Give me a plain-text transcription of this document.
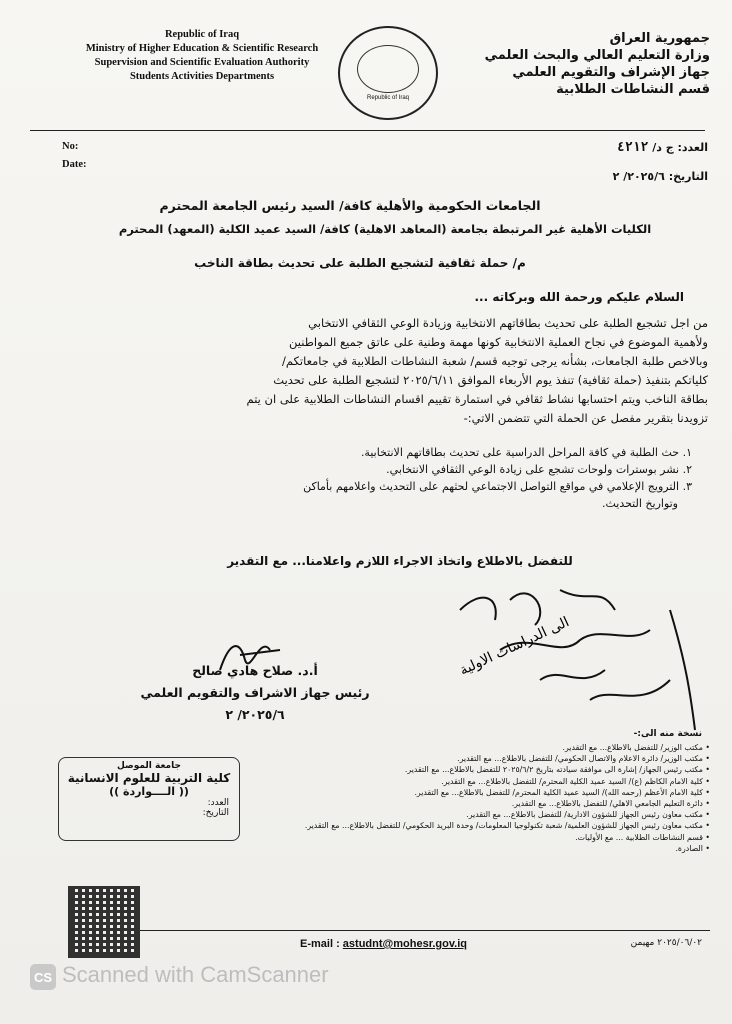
Republic of Iraq
Ministry of Higher Education & Scientific Research
Supervision and Scientific Evaluation Authority
Students Activities Departments
Republic of Iraq
جمهورية العراق
وزارة التعليم العالي والبحث العلمي
جهاز الإشراف والتقويم العلمي
قسم النشاطات الطلابية
No:
Date:
العدد: ج د/ ٤٢١٢
التاريخ: ٢٠٢٥/٦/ ٢
الجامعات الحكومية والأهلية كافة/ السيد رئيس الجامعة المحترم
الكليات الأهلية غير المرتبطة بجامعة (المعاهد الاهلية) كافة/ السيد عميد الكلية (المعهد) المحترم
م/ حملة ثقافية لتشجيع الطلبة على تحديث بطاقة الناخب
السلام عليكم ورحمة الله وبركاته ...
من اجل تشجيع الطلبة على تحديث بطاقاتهم الانتخابية وزيادة الوعي الثقافي الانتخابي
ولأهمية الموضوع في نجاح العملية الانتخابية كونها مهمة وطنية على عاتق جميع المواطنين
وبالاخص طلبة الجامعات، بشأنه يرجى توجيه قسم/ شعبة النشاطات الطلابية في جامعاتكم/
كلياتكم بتنفيذ (حملة ثقافية) تنفذ يوم الأربعاء الموافق ٢٠٢٥/٦/١١ لتشجيع الطلبة على تحديث
بطاقة الناخب ويتم احتسابها نشاط ثقافي في استمارة تقييم اقسام النشاطات الطلابية على ان يتم
تزويدنا بتقرير مفصل عن الحملة التي تتضمن الاتي:-
١. حث الطلبة في كافة المراحل الدراسية على تحديث بطاقاتهم الانتخابية.
٢. نشر بوسترات ولوحات تشجع على زيادة الوعي الثقافي الانتخابي.
٣. الترويج الإعلامي في مواقع التواصل الاجتماعي لحثهم على التحديث واعلامهم بأماكن
وتواريخ التحديث.
للتفضل بالاطلاع واتخاذ الاجراء اللازم واعلامنا... مع التقدير
الى الدراسات الاولية
أ.د. صلاح هادي صالح
رئيس جهاز الاشراف والتقويم العلمي
٢٠٢٥/٦/ ٢
جامعة الموصل
كلية التربية للعلوم الانسانية
(( الــــواردة ))
العدد:
التاريخ:
نسخة منه الى:-
• مكتب الوزير/ للتفضل بالاطلاع... مع التقدير.
• مكتب الوزير/ دائرة الاعلام والاتصال الحكومي/ للتفضل بالاطلاع... مع التقدير.
• مكتب رئيس الجهاز/ إشارة الى موافقة سيادته بتاريخ ٢٠٢٥/٦/٢ للتفضل بالاطلاع... مع التقدير.
• كلية الامام الكاظم (ع)/ السيد عميد الكلية المحترم/ للتفضل بالاطلاع... مع التقدير.
• كلية الامام الأعظم (رحمه الله)/ السيد عميد الكلية المحترم/ للتفضل بالاطلاع... مع التقدير.
• دائرة التعليم الجامعي الاهلي/ للتفضل بالاطلاع... مع التقدير.
• مكتب معاون رئيس الجهاز للشؤون الادارية/ للتفضل بالاطلاع... مع التقدير.
• مكتب معاون رئيس الجهاز للشؤون العلمية/ شعبة تكنولوجيا المعلومات/ وحدة البريد الحكومي/ للتفضل بالاطلاع... مع التقدير.
• قسم النشاطات الطلابية ... مع الأوليات.
• الصادرة.
E-mail : astudnt@mohesr.gov.iq	٢٠٢٥/٠٦/٠٢ مهيمن
CS Scanned with CamScanner
